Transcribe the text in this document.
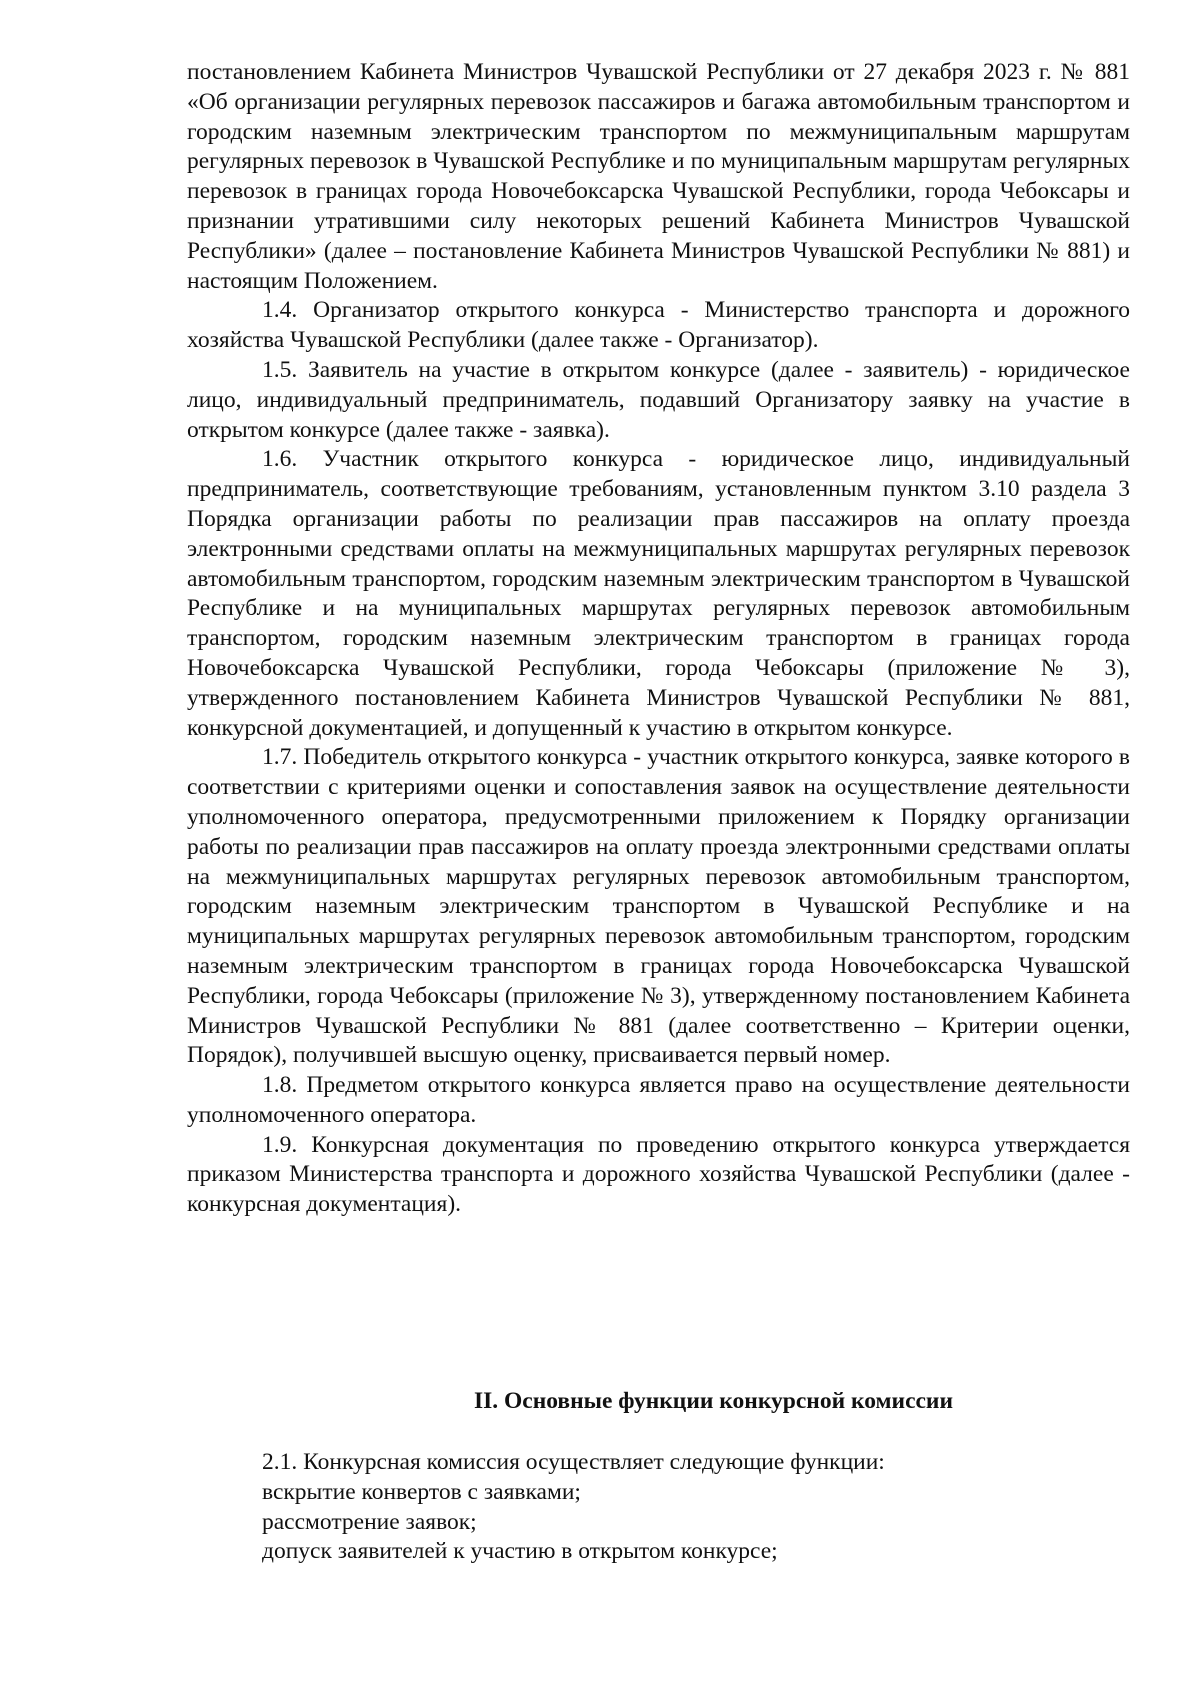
постановлением Кабинета Министров Чувашской Республики от 27 декабря 2023 г. № 881 «Об организации регулярных перевозок пассажиров и багажа автомобильным транспортом и городским наземным электрическим транспортом по межмуниципальным маршрутам регулярных перевозок в Чувашской Республике и по муниципальным маршрутам регулярных перевозок в границах города Новочебоксарска Чувашской Республики, города Чебоксары и признании утратившими силу некоторых решений Кабинета Министров Чувашской Республики» (далее – постановление Кабинета Министров Чувашской Республики № 881) и настоящим Положением.

1.4. Организатор открытого конкурса - Министерство транспорта и дорожного хозяйства Чувашской Республики (далее также - Организатор).

1.5. Заявитель на участие в открытом конкурсе (далее - заявитель) - юридическое лицо, индивидуальный предприниматель, подавший Организатору заявку на участие в открытом конкурсе (далее также - заявка).

1.6. Участник открытого конкурса - юридическое лицо, индивидуальный предприниматель, соответствующие требованиям, установленным пунктом 3.10 раздела 3 Порядка организации работы по реализации прав пассажиров на оплату проезда электронными средствами оплаты на межмуниципальных маршрутах регулярных перевозок автомобильным транспортом, городским наземным электрическим транспортом в Чувашской Республике и на муниципальных маршрутах регулярных перевозок автомобильным транспортом, городским наземным электрическим транспортом в границах города Новочебоксарска Чувашской Республики, города Чебоксары (приложение № 3), утвержденного постановлением Кабинета Министров Чувашской Республики № 881, конкурсной документацией, и допущенный к участию в открытом конкурсе.

1.7. Победитель открытого конкурса - участник открытого конкурса, заявке которого в соответствии с критериями оценки и сопоставления заявок на осуществление деятельности уполномоченного оператора, предусмотренными приложением к Порядку организации работы по реализации прав пассажиров на оплату проезда электронными средствами оплаты на межмуниципальных маршрутах регулярных перевозок автомобильным транспортом, городским наземным электрическим транспортом в Чувашской Республике и на муниципальных маршрутах регулярных перевозок автомобильным транспортом, городским наземным электрическим транспортом в границах города Новочебоксарска Чувашской Республики, города Чебоксары (приложение № 3), утвержденному постановлением Кабинета Министров Чувашской Республики № 881 (далее соответственно – Критерии оценки, Порядок), получившей высшую оценку, присваивается первый номер.

1.8. Предметом открытого конкурса является право на осуществление деятельности уполномоченного оператора.

1.9. Конкурсная документация по проведению открытого конкурса утверждается приказом Министерства транспорта и дорожного хозяйства Чувашской Республики (далее - конкурсная документация).

II. Основные функции конкурсной комиссии

2.1. Конкурсная комиссия осуществляет следующие функции:

вскрытие конвертов с заявками;

рассмотрение заявок;

допуск заявителей к участию в открытом конкурсе;
